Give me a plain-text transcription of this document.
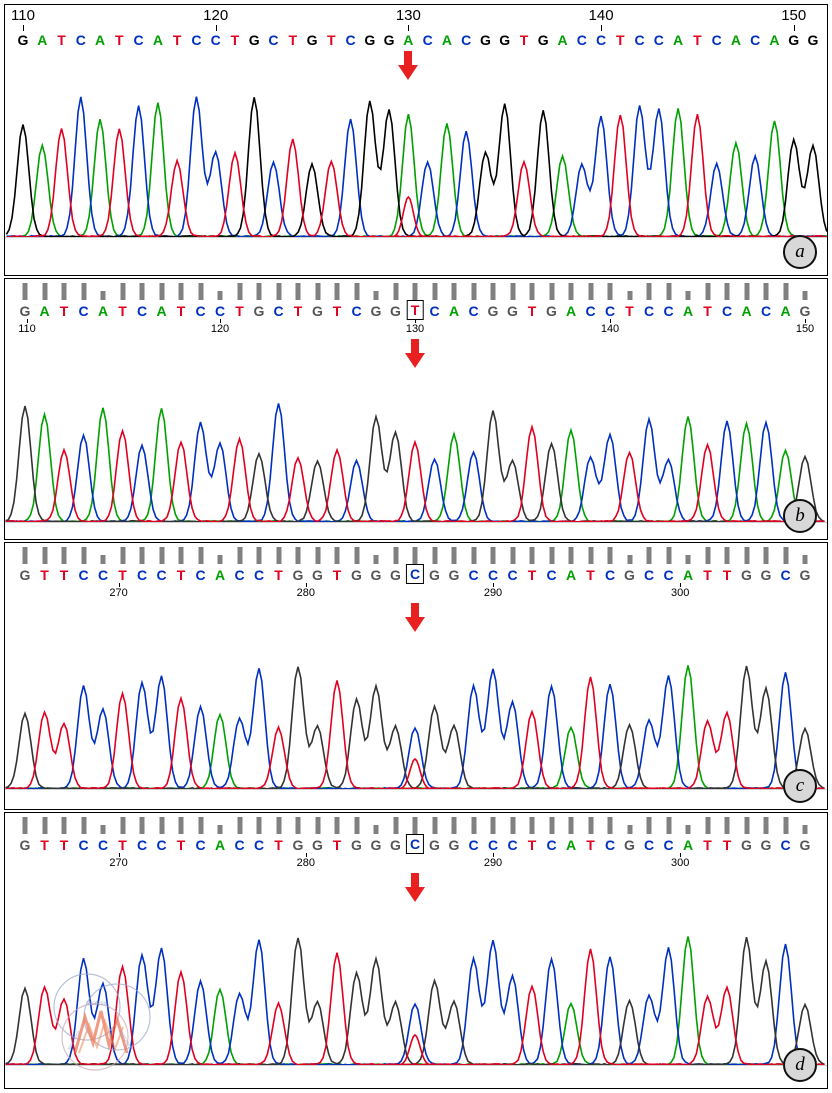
110	120	130	140	150
G A T C A T C A T C C T G C T G T C G G A C A C G G T G A C C T C C A T C A C A G G
a
G A T C A T C A T C C T G C T G T C G G T C A C G G T G A C C T C C A T C A C A G
110	120	130	140	150
b
G T T C C T C C T C A C C T G G T G G G C G G C C C T C A T C G C C A T T G G C G
270	280	290	300
c
G T T C C T C C T C A C C T G G T G G G C G G C C C T C A T C G C C A T T G G C G
270	280	290	300
analysis
sequence	genomics
d
